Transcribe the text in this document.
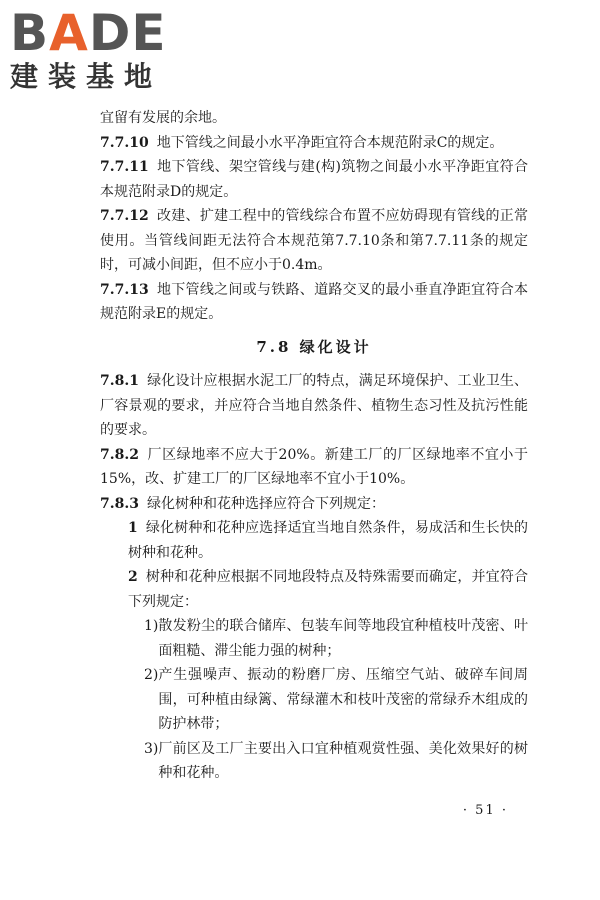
BADE
建装基地

宜留有发展的余地。

7.7.10 地下管线之间最小水平净距宜符合本规范附录C的规定。

7.7.11 地下管线、架空管线与建(构)筑物之间最小水平净距宜符合本规范附录D的规定。

7.7.12 改建、扩建工程中的管线综合布置不应妨碍现有管线的正常使用。当管线间距无法符合本规范第7.7.10条和第7.7.11条的规定时，可减小间距，但不应小于0.4m。

7.7.13 地下管线之间或与铁路、道路交叉的最小垂直净距宜符合本规范附录E的规定。

7.8 绿化设计

7.8.1 绿化设计应根据水泥工厂的特点，满足环境保护、工业卫生、厂容景观的要求，并应符合当地自然条件、植物生态习性及抗污性能的要求。

7.8.2 厂区绿地率不应大于20%。新建工厂的厂区绿地率不宜小于15%，改、扩建工厂的厂区绿地率不宜小于10%。

7.8.3 绿化树种和花种选择应符合下列规定：

1 绿化树种和花种应选择适宜当地自然条件，易成活和生长快的树种和花种。

2 树种和花种应根据不同地段特点及特殊需要而确定，并宜符合下列规定：

1) 散发粉尘的联合储库、包装车间等地段宜种植枝叶茂密、叶面粗糙、滞尘能力强的树种；
2) 产生强噪声、振动的粉磨厂房、压缩空气站、破碎车间周围，可种植由绿篱、常绿灌木和枝叶茂密的常绿乔木组成的防护林带；
3) 厂前区及工厂主要出入口宜种植观赏性强、美化效果好的树种和花种。
· 51 ·
